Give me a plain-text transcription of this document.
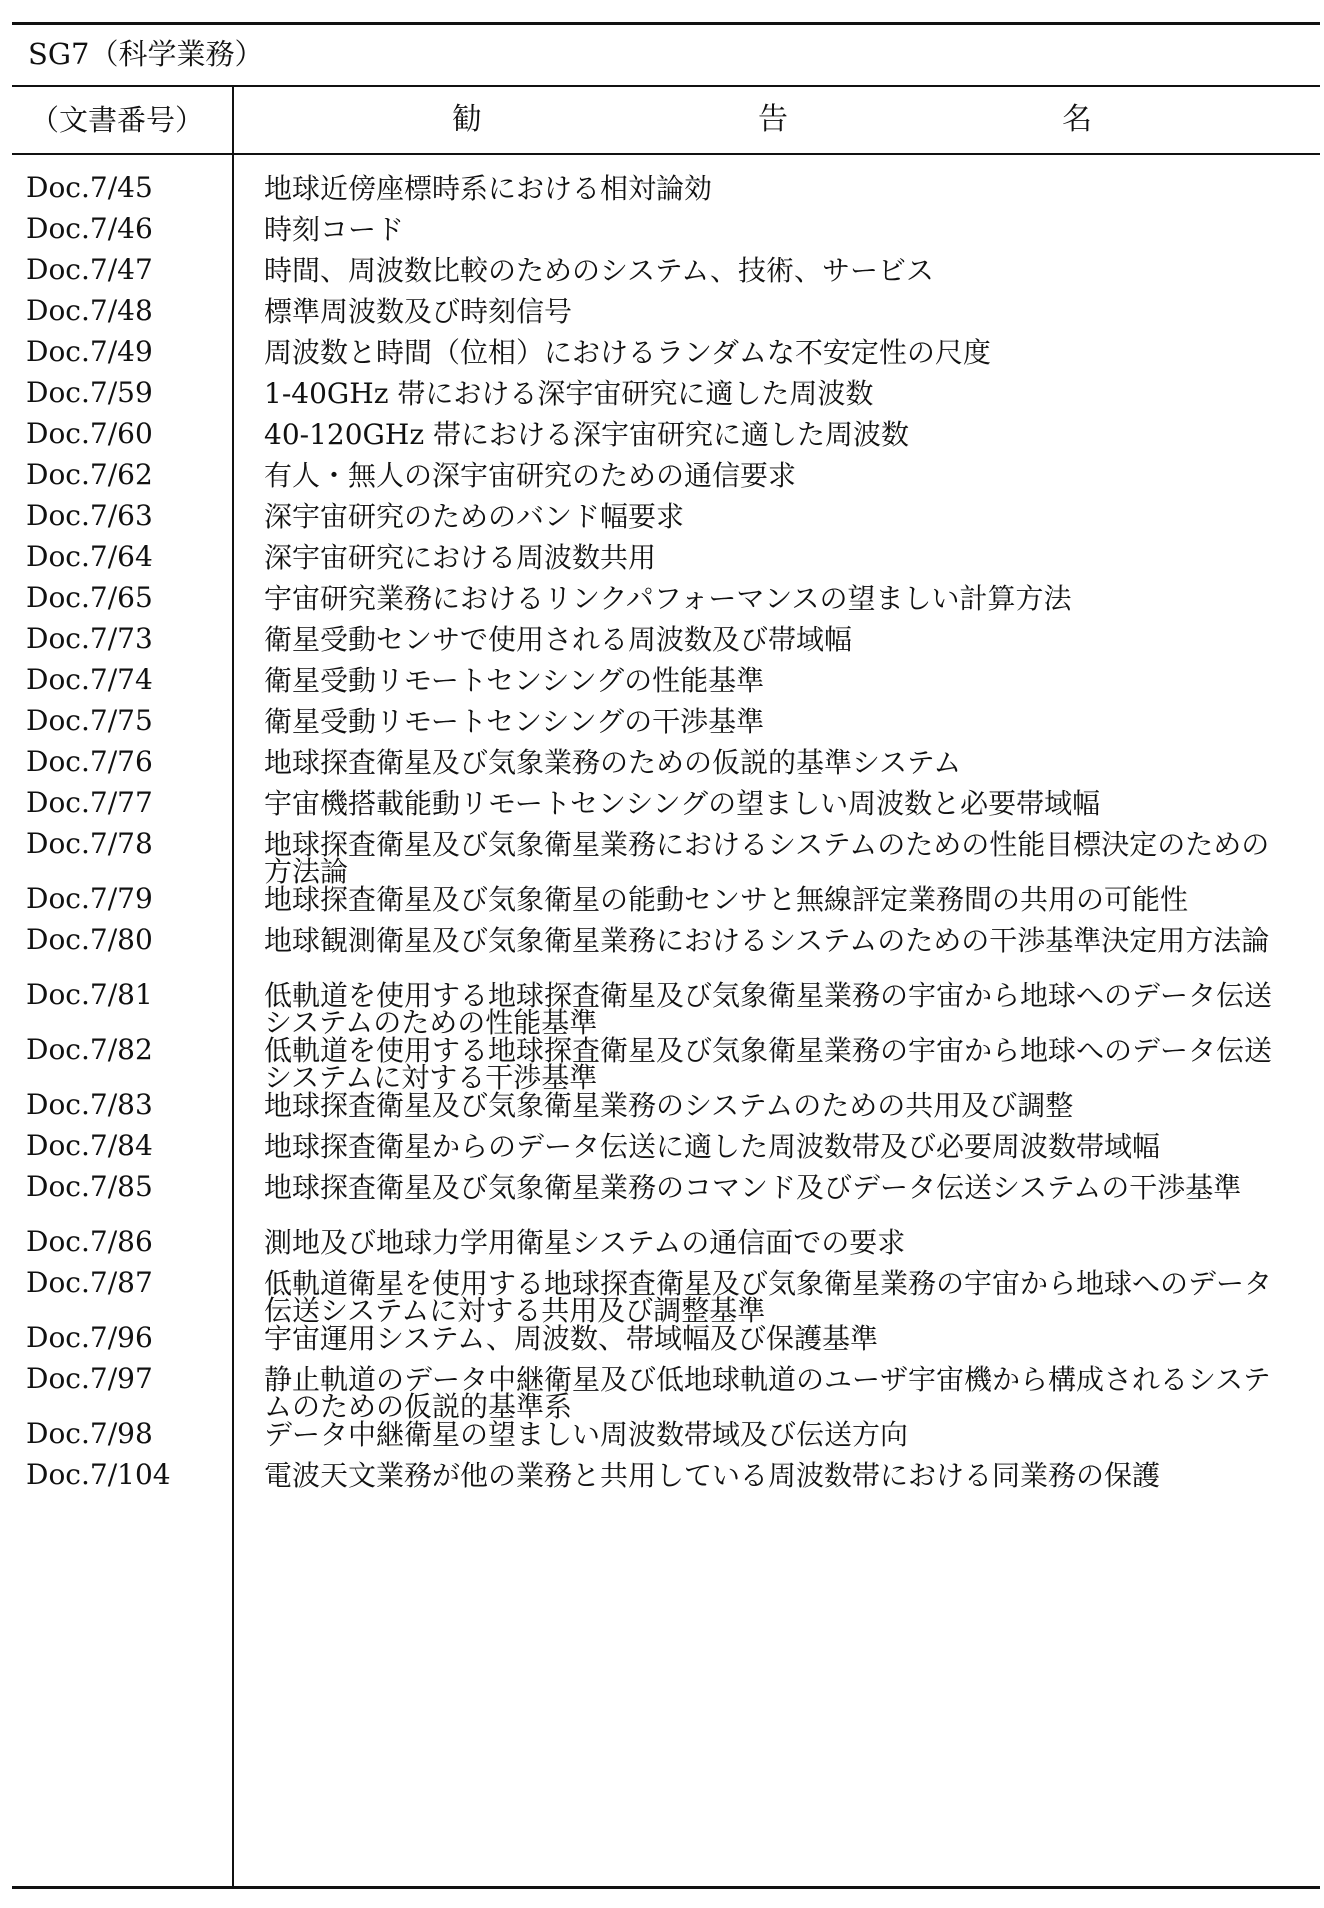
SG7（科学業務）
（文書番号）	勧	告	名
Doc.7/45	地球近傍座標時系における相対論効
Doc.7/46	時刻コード
Doc.7/47	時間、周波数比較のためのシステム、技術、サービス
Doc.7/48	標準周波数及び時刻信号
Doc.7/49	周波数と時間（位相）におけるランダムな不安定性の尺度
Doc.7/59	1-40GHz 帯における深宇宙研究に適した周波数
Doc.7/60	40-120GHz 帯における深宇宙研究に適した周波数
Doc.7/62	有人・無人の深宇宙研究のための通信要求
Doc.7/63	深宇宙研究のためのバンド幅要求
Doc.7/64	深宇宙研究における周波数共用
Doc.7/65	宇宙研究業務におけるリンクパフォーマンスの望ましい計算方法
Doc.7/73	衛星受動センサで使用される周波数及び帯域幅
Doc.7/74	衛星受動リモートセンシングの性能基準
Doc.7/75	衛星受動リモートセンシングの干渉基準
Doc.7/76	地球探査衛星及び気象業務のための仮説的基準システム
Doc.7/77	宇宙機搭載能動リモートセンシングの望ましい周波数と必要帯域幅
Doc.7/78	地球探査衛星及び気象衛星業務におけるシステムのための性能目標決定のための方法論
Doc.7/79	地球探査衛星及び気象衛星の能動センサと無線評定業務間の共用の可能性
Doc.7/80	地球観測衛星及び気象衛星業務におけるシステムのための干渉基準決定用方法論
Doc.7/81	低軌道を使用する地球探査衛星及び気象衛星業務の宇宙から地球へのデータ伝送システムのための性能基準
Doc.7/82	低軌道を使用する地球探査衛星及び気象衛星業務の宇宙から地球へのデータ伝送システムに対する干渉基準
Doc.7/83	地球探査衛星及び気象衛星業務のシステムのための共用及び調整
Doc.7/84	地球探査衛星からのデータ伝送に適した周波数帯及び必要周波数帯域幅
Doc.7/85	地球探査衛星及び気象衛星業務のコマンド及びデータ伝送システムの干渉基準
Doc.7/86	測地及び地球力学用衛星システムの通信面での要求
Doc.7/87	低軌道衛星を使用する地球探査衛星及び気象衛星業務の宇宙から地球へのデータ伝送システムに対する共用及び調整基準
Doc.7/96	宇宙運用システム、周波数、帯域幅及び保護基準
Doc.7/97	静止軌道のデータ中継衛星及び低地球軌道のユーザ宇宙機から構成されるシステムのための仮説的基準系
Doc.7/98	データ中継衛星の望ましい周波数帯域及び伝送方向
Doc.7/104	電波天文業務が他の業務と共用している周波数帯における同業務の保護
